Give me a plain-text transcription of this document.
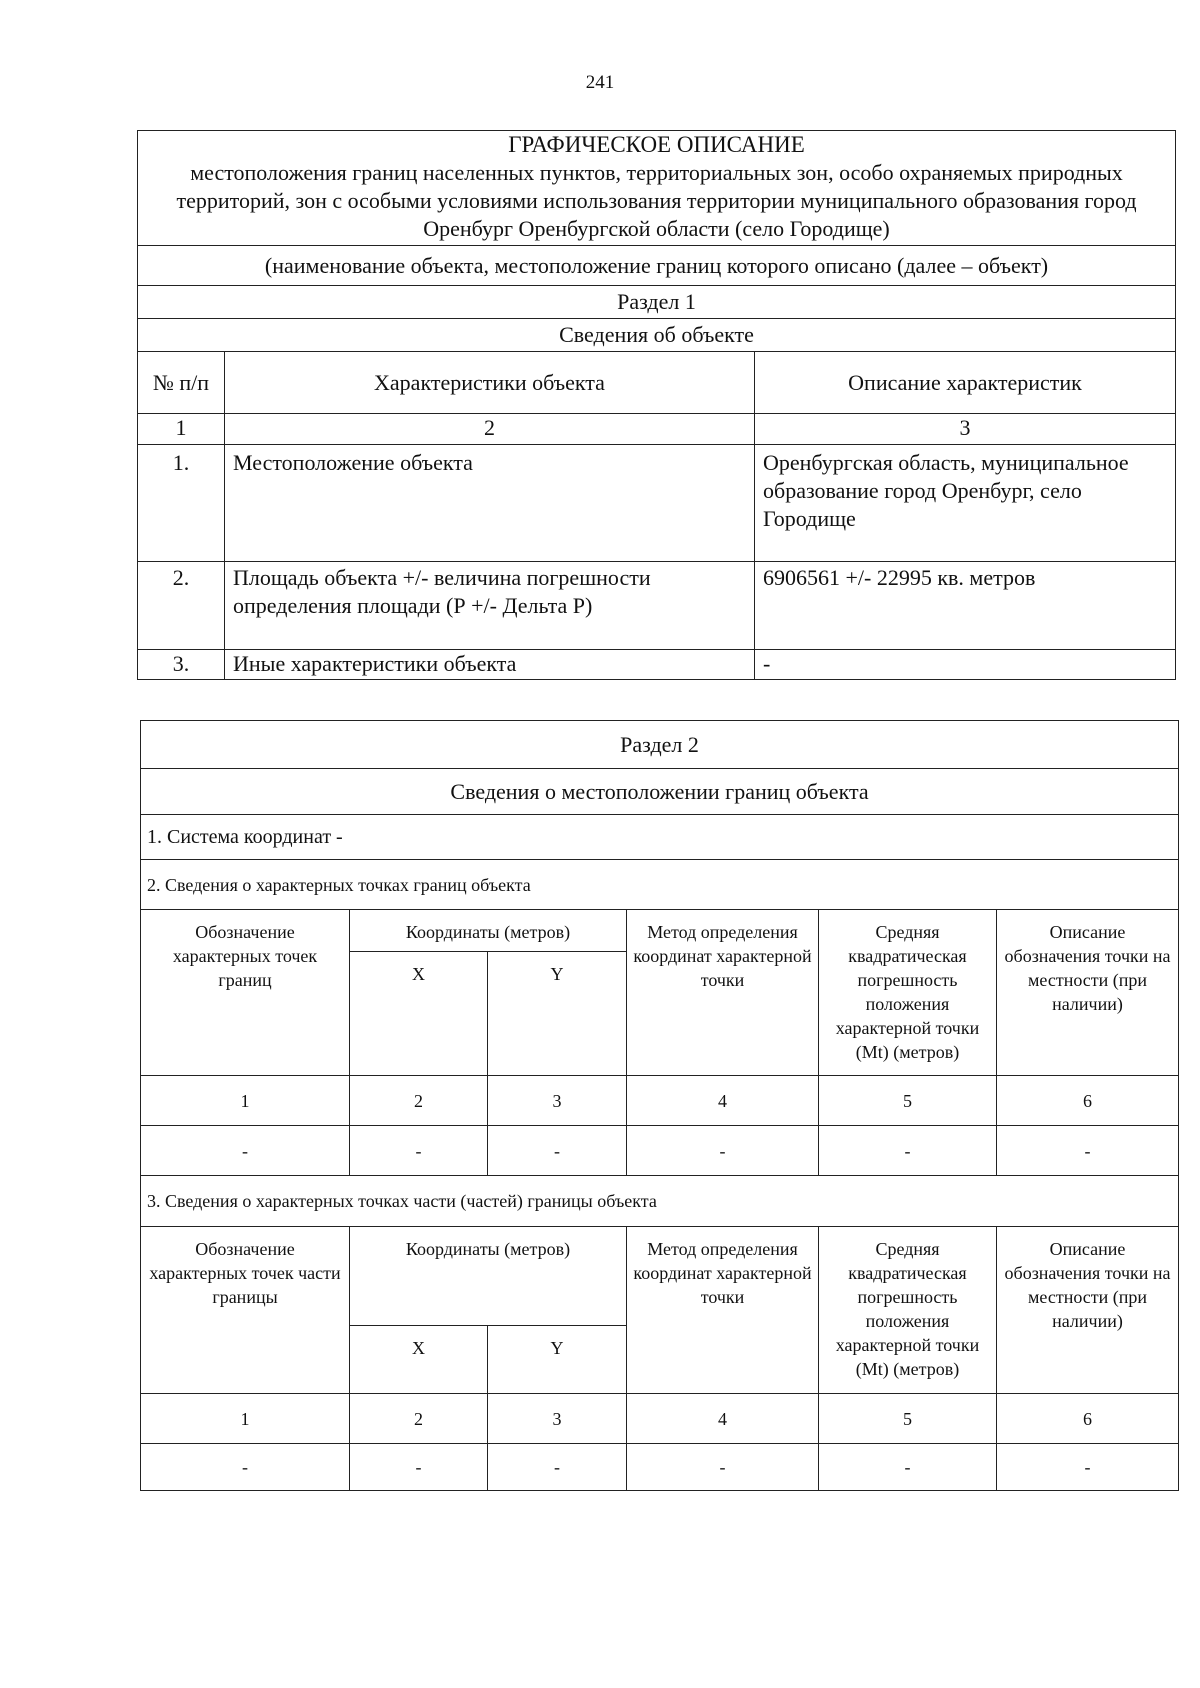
241
ГРАФИЧЕСКОЕ ОПИСАНИЕ
местоположения границ населенных пунктов, территориальных зон, особо охраняемых природных территорий, зон с особыми условиями использования территории муниципального образования город Оренбург Оренбургской области (село Городище)		

(наименование объекта, местоположение границ которого описано (далее – объект)		
Раздел 1		
Сведения об объекте		
№ п/п	Характеристики объекта	Описание характеристик
1	2	3
1.	Местоположение объекта	Оренбургская область, муниципальное образование город Оренбург, село Городище
2.	Площадь объекта +/- величина погрешности определения площади (Р +/- Дельта Р)	6906561 +/- 22995 кв. метров
3.	Иные характеристики объекта	-
Раздел 2					
Сведения о местоположении границ объекта					
1. Система координат -					
2. Сведения о характерных точках границ объекта					
Обозначение характерных точек границ	Координаты (метров)		Метод определения координат характерной точки	Средняя квадратическая погрешность положения характерной точки (Mt) (метров)	Описание обозначения точки на местности (при наличии)
	X	Y			
1	2	3	4	5	6
-	-	-	-	-	-
3. Сведения о характерных точках части (частей) границы объекта					
Обозначение характерных точек части границы	Координаты (метров)		Метод определения координат характерной точки	Средняя квадратическая погрешность положения характерной точки (Mt) (метров)	Описание обозначения точки на местности (при наличии)
	X	Y			
1	2	3	4	5	6
-	-	-	-	-	-
